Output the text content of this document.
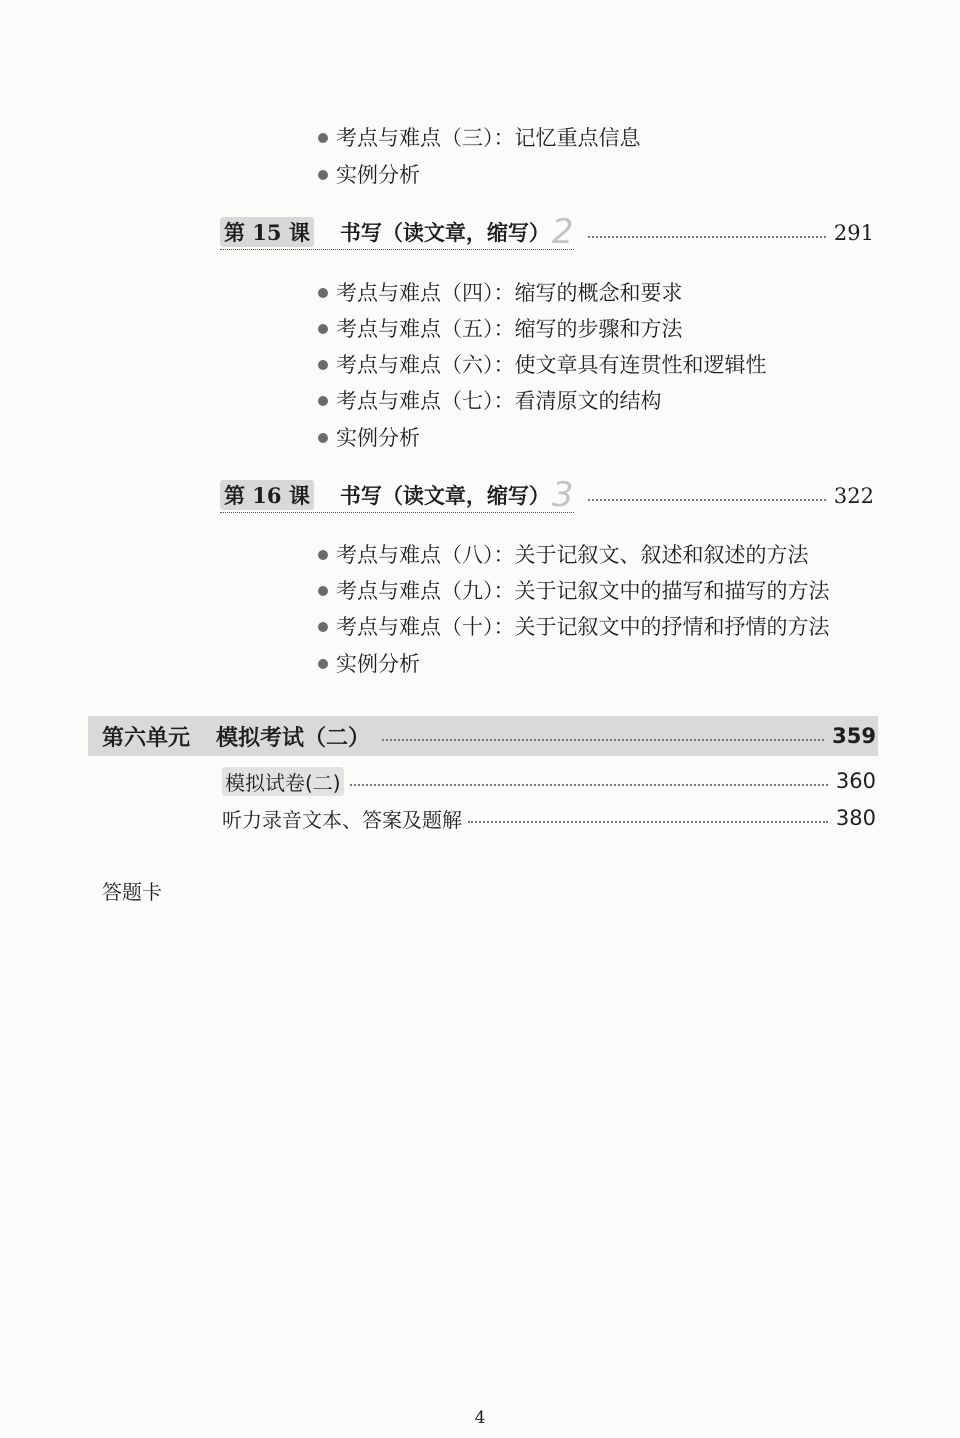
考点与难点（三）：记忆重点信息
实例分析
第 15 课 书写（读文章，缩写） 2	291
考点与难点（四）：缩写的概念和要求
考点与难点（五）：缩写的步骤和方法
考点与难点（六）：使文章具有连贯性和逻辑性
考点与难点（七）：看清原文的结构
实例分析
第 16 课 书写（读文章，缩写） 3	322
考点与难点（八）：关于记叙文、叙述和叙述的方法
考点与难点（九）：关于记叙文中的描写和描写的方法
考点与难点（十）：关于记叙文中的抒情和抒情的方法
实例分析
第六单元 模拟考试（二）	359
模拟试卷(二)	360
听力录音文本、答案及题解	380
答题卡
4
